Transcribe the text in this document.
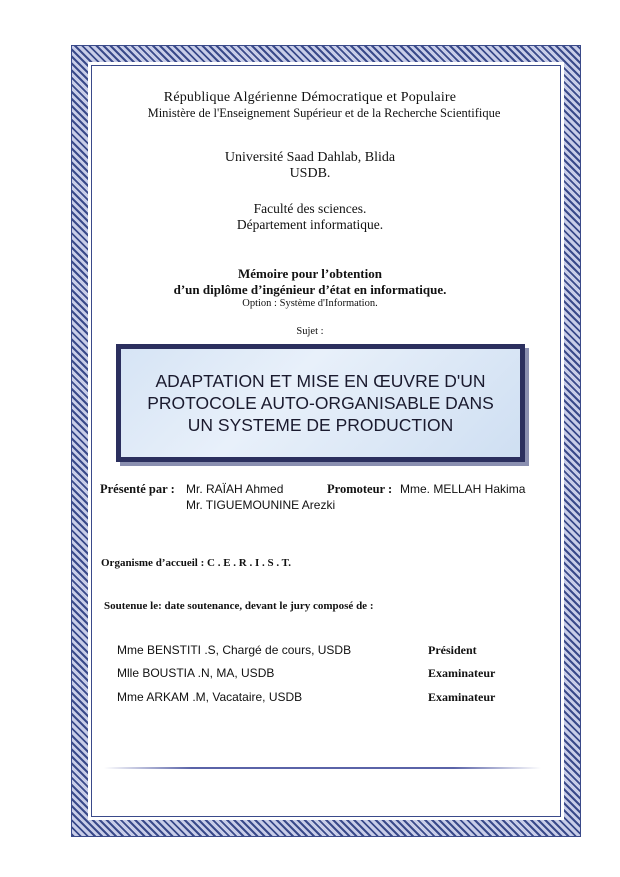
République Algérienne Démocratique et Populaire
Ministère de l'Enseignement Supérieur et de la Recherche Scientifique
Université Saad Dahlab, Blida
USDB.
Faculté des sciences.
Département informatique.
Mémoire pour l’obtention
d’un diplôme d’ingénieur d’état en informatique.
Option : Système d'Information.
Sujet :
ADAPTATION ET MISE EN ŒUVRE D'UN PROTOCOLE AUTO-ORGANISABLE DANS UN SYSTEME DE PRODUCTION
Présenté par : Mr. RAÏAH Ahmed	Promoteur : Mme. MELLAH Hakima
Mr. TIGUEMOUNINE Arezki
Organisme d’accueil : C . E . R . I . S . T.
Soutenue le: date soutenance, devant le jury composé de :
Mme BENSTITI .S, Chargé de cours, USDB	Président
Mlle BOUSTIA .N, MA, USDB	Examinateur
Mme ARKAM .M, Vacataire, USDB	Examinateur
